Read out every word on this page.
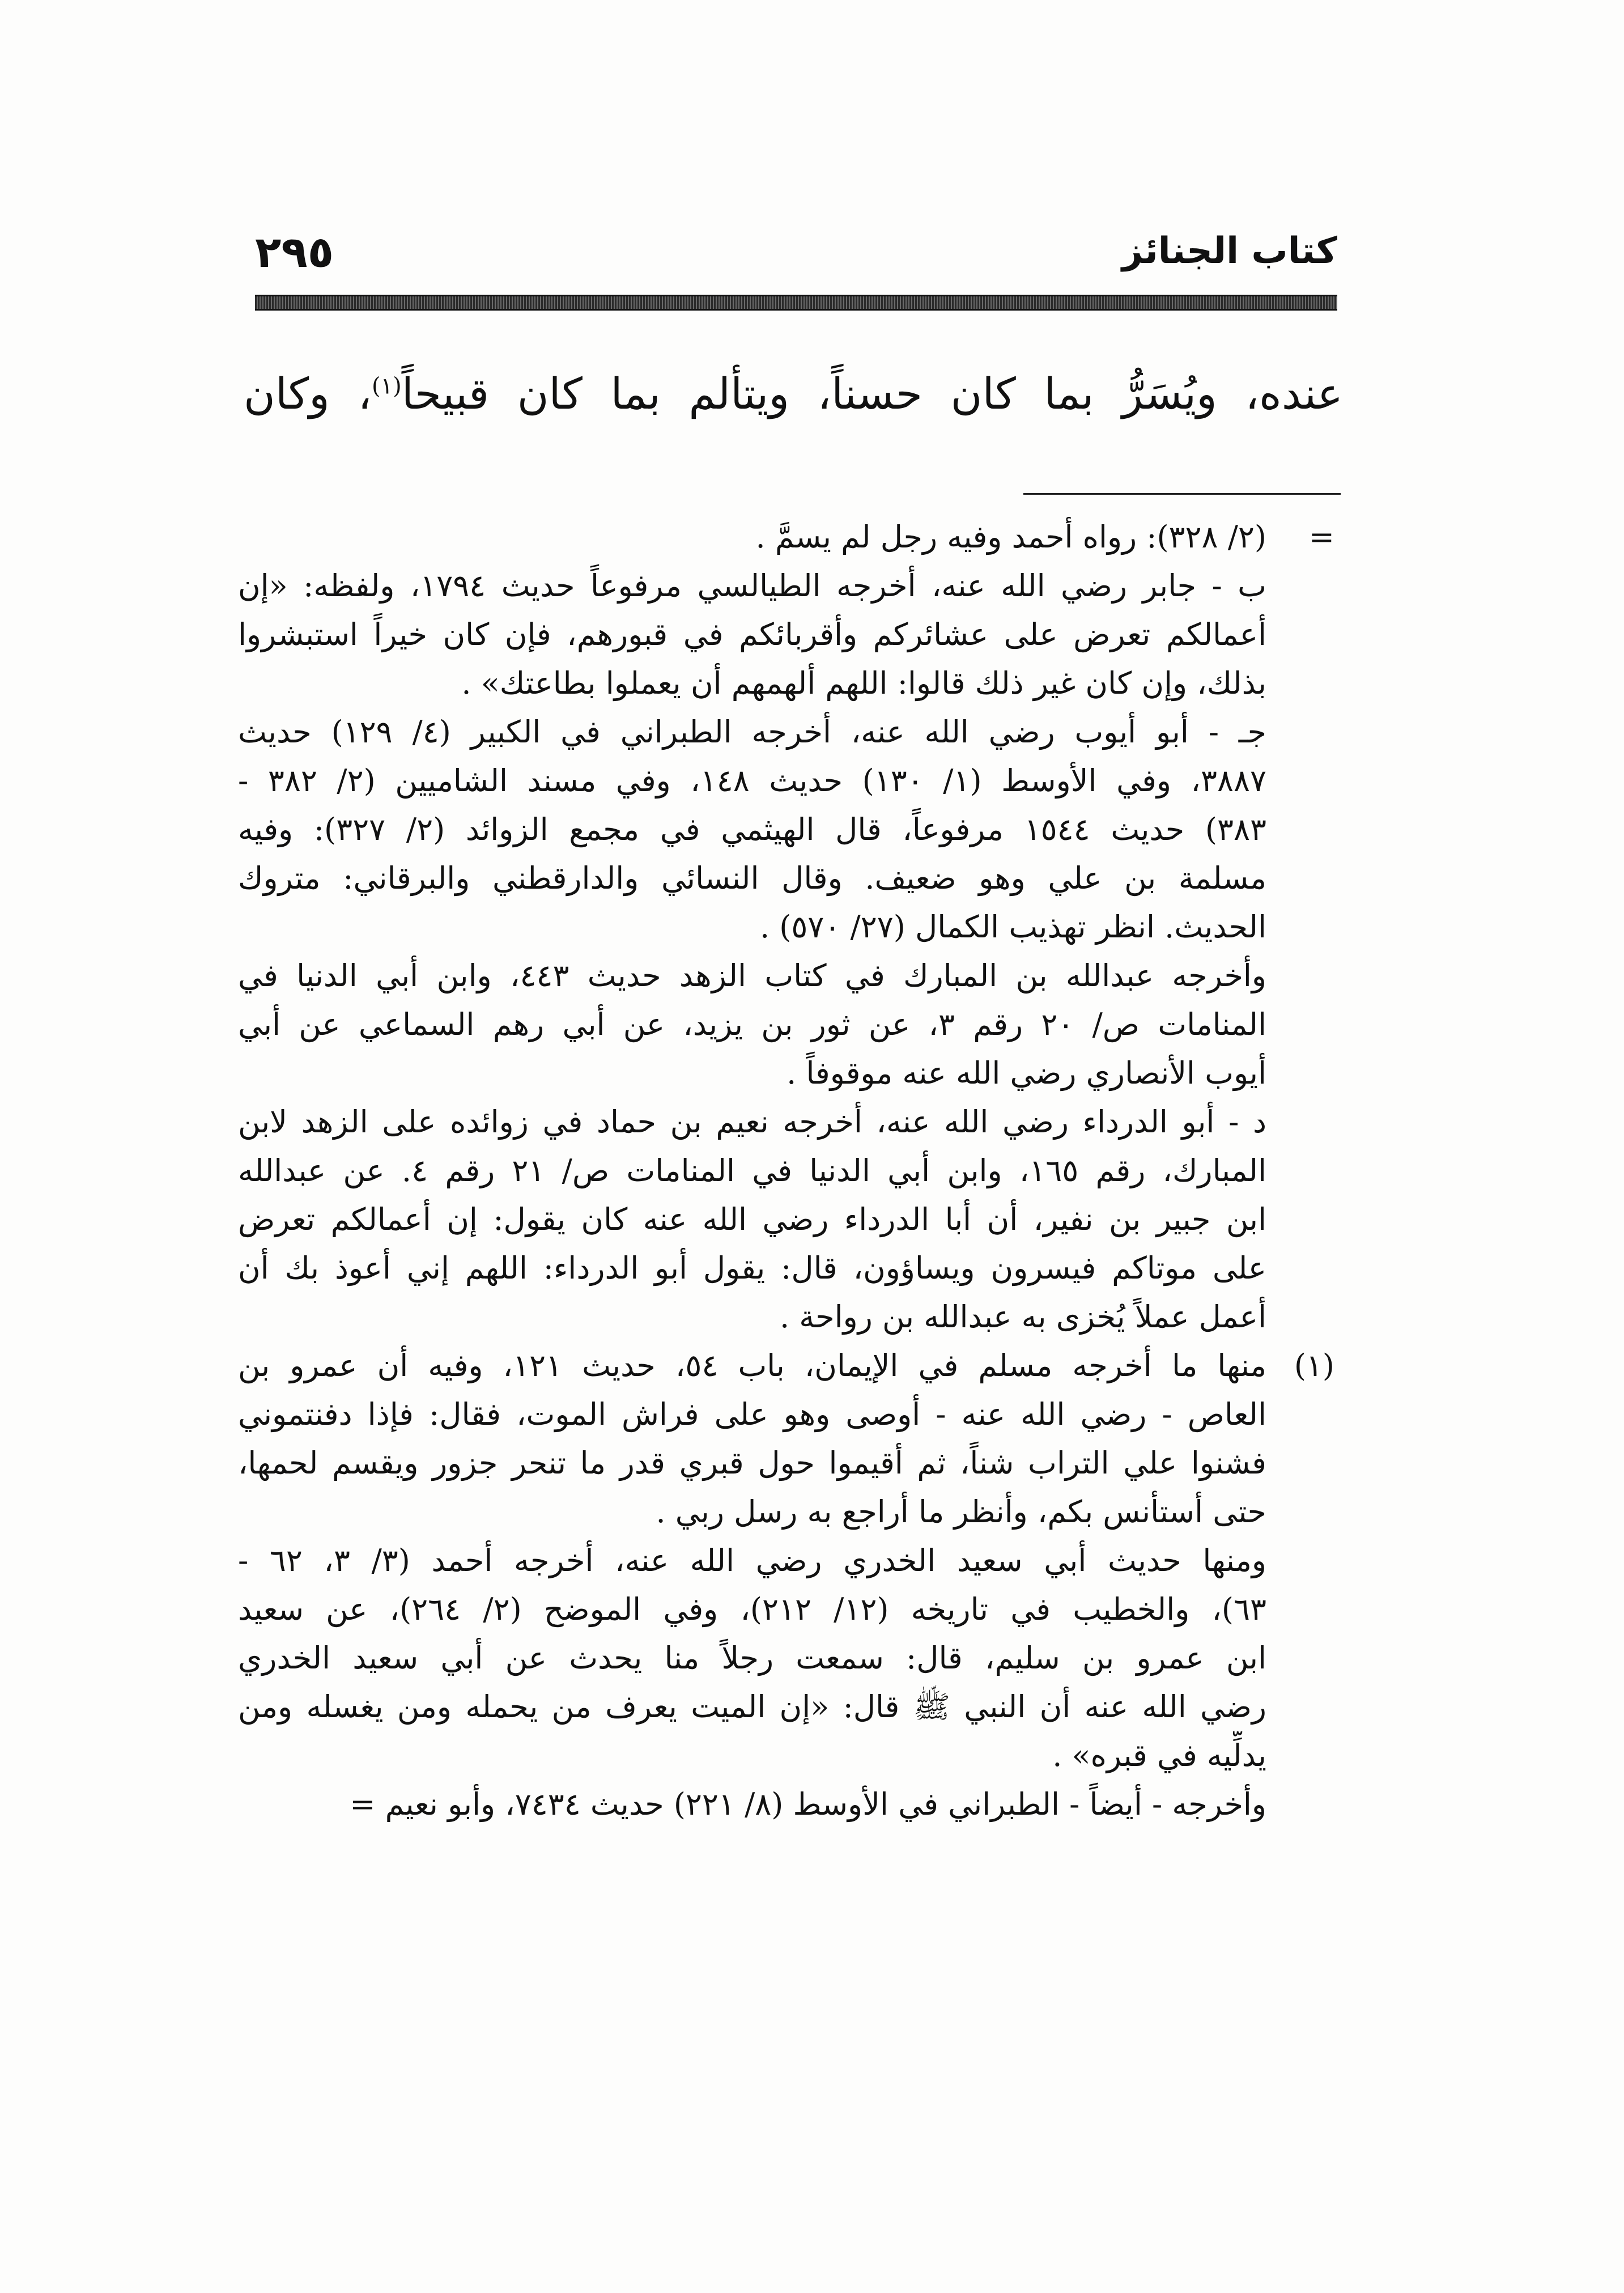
٢٩٥	كتاب الجنائز
عنده، ويُسَرُّ بما كان حسناً، ويتألم بما كان قبيحاً$^{(١)}$، وكان
=
(٢/ ٣٢٨): رواه أحمد وفيه رجل لم يسمَّ .
ب - جابر رضي الله عنه، أخرجه الطيالسي مرفوعاً حديث ١٧٩٤، ولفظه: «إن
أعمالكم تعرض على عشائركم وأقربائكم في قبورهم، فإن كان خيراً استبشروا
بذلك، وإن كان غير ذلك قالوا: اللهم ألهمهم أن يعملوا بطاعتك» .
جـ - أبو أيوب رضي الله عنه، أخرجه الطبراني في الكبير (٤/ ١٢٩) حديث
٣٨٨٧، وفي الأوسط (١/ ١٣٠) حديث ١٤٨، وفي مسند الشاميين (٢/ ٣٨٢ -
٣٨٣) حديث ١٥٤٤ مرفوعاً، قال الهيثمي في مجمع الزوائد (٢/ ٣٢٧): وفيه
مسلمة بن علي وهو ضعيف. وقال النسائي والدارقطني والبرقاني: متروك
الحديث. انظر تهذيب الكمال (٢٧/ ٥٧٠) .
وأخرجه عبدالله بن المبارك في كتاب الزهد حديث ٤٤٣، وابن أبي الدنيا في
المنامات ص/ ٢٠ رقم ٣، عن ثور بن يزيد، عن أبي رهم السماعي عن أبي
أيوب الأنصاري رضي الله عنه موقوفاً .
د - أبو الدرداء رضي الله عنه، أخرجه نعيم بن حماد في زوائده على الزهد لابن
المبارك، رقم ١٦٥، وابن أبي الدنيا في المنامات ص/ ٢١ رقم ٤. عن عبدالله
ابن جبير بن نفير، أن أبا الدرداء رضي الله عنه كان يقول: إن أعمالكم تعرض
على موتاكم فيسرون ويساؤون، قال: يقول أبو الدرداء: اللهم إني أعوذ بك أن
أعمل عملاً يُخزى به عبدالله بن رواحة .
(١)
منها ما أخرجه مسلم في الإيمان، باب ٥٤، حديث ١٢١، وفيه أن عمرو بن
العاص - رضي الله عنه - أوصى وهو على فراش الموت، فقال: فإذا دفنتموني
فشنوا علي التراب شناً، ثم أقيموا حول قبري قدر ما تنحر جزور ويقسم لحمها،
حتى أستأنس بكم، وأنظر ما أراجع به رسل ربي .
ومنها حديث أبي سعيد الخدري رضي الله عنه، أخرجه أحمد (٣/ ٣، ٦٢ -
٦٣)، والخطيب في تاريخه (١٢/ ٢١٢)، وفي الموضح (٢/ ٢٦٤)، عن سعيد
ابن عمرو بن سليم، قال: سمعت رجلاً منا يحدث عن أبي سعيد الخدري
رضي الله عنه أن النبي ﷺ قال: «إن الميت يعرف من يحمله ومن يغسله ومن
يدلِّيه في قبره» .
وأخرجه - أيضاً - الطبراني في الأوسط (٨/ ٢٢١) حديث ٧٤٣٤، وأبو نعيم =
